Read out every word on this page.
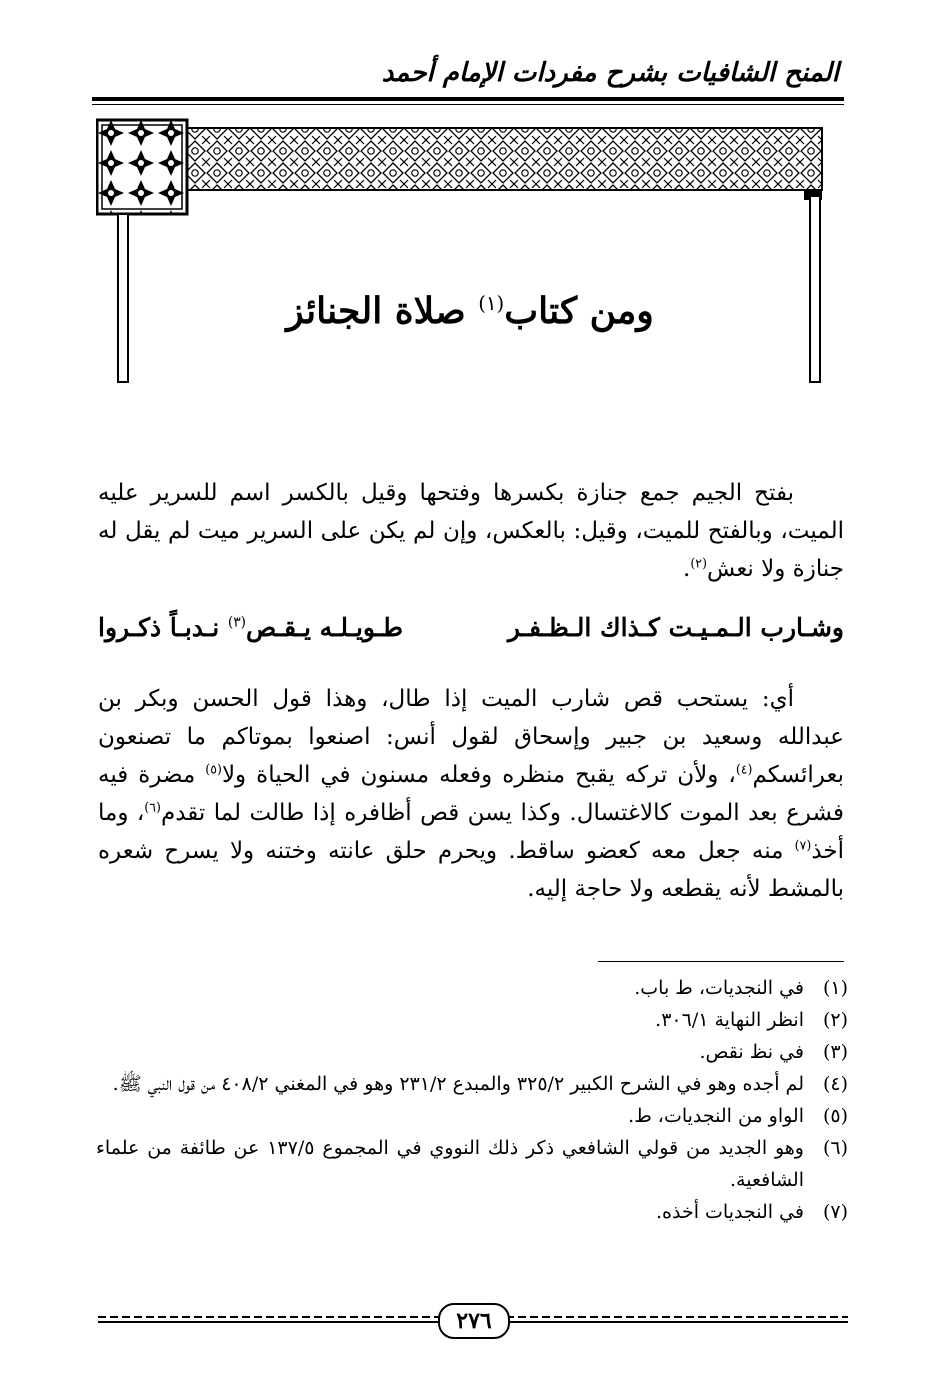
المنح الشافيات بشرح مفردات الإمام أحمد
ومن كتاب$^{(١)}$ صلاة الجنائز
بفتح الجيم جمع جنازة بكسرها وفتحها وقيل بالكسر اسم للسرير عليه الميت، وبالفتح للميت، وقيل: بالعكس، وإن لم يكن على السرير ميت لم يقل له جنازة ولا نعش$^{(٢)}$.
وشـارب الـمـيـت كـذاك الـظـفـر
طـويـلـه يـقـص$^{(٣)}$ نـدبـاً ذكـروا
أي: يستحب قص شارب الميت إذا طال، وهذا قول الحسن وبكر بن عبدالله وسعيد بن جبير وإسحاق لقول أنس: اصنعوا بموتاكم ما تصنعون بعرائسكم$^{(٤)}$، ولأن تركه يقبح منظره وفعله مسنون في الحياة ولا$^{(٥)}$ مضرة فيه فشرع بعد الموت كالاغتسال. وكذا يسن قص أظافره إذا طالت لما تقدم$^{(٦)}$، وما أخذ$^{(٧)}$ منه جعل معه كعضو ساقط. ويحرم حلق عانته وختنه ولا يسرح شعره بالمشط لأنه يقطعه ولا حاجة إليه.
(١)
في النجديات، ط باب.
(٢)
انظر النهاية ٣٠٦/١.
(٣)
في نظ نقص.
(٤)
لم أجده وهو في الشرح الكبير ٣٢٥/٢ والمبدع ٢٣١/٢ وهو في المغني ٤٠٨/٢ من قول النبي ﷺ.
(٥)
الواو من النجديات، ط.
(٦)
وهو الجديد من قولي الشافعي ذكر ذلك النووي في المجموع ١٣٧/٥ عن طائفة من علماء الشافعية.
(٧)
في النجديات أخذه.
٢٧٦
